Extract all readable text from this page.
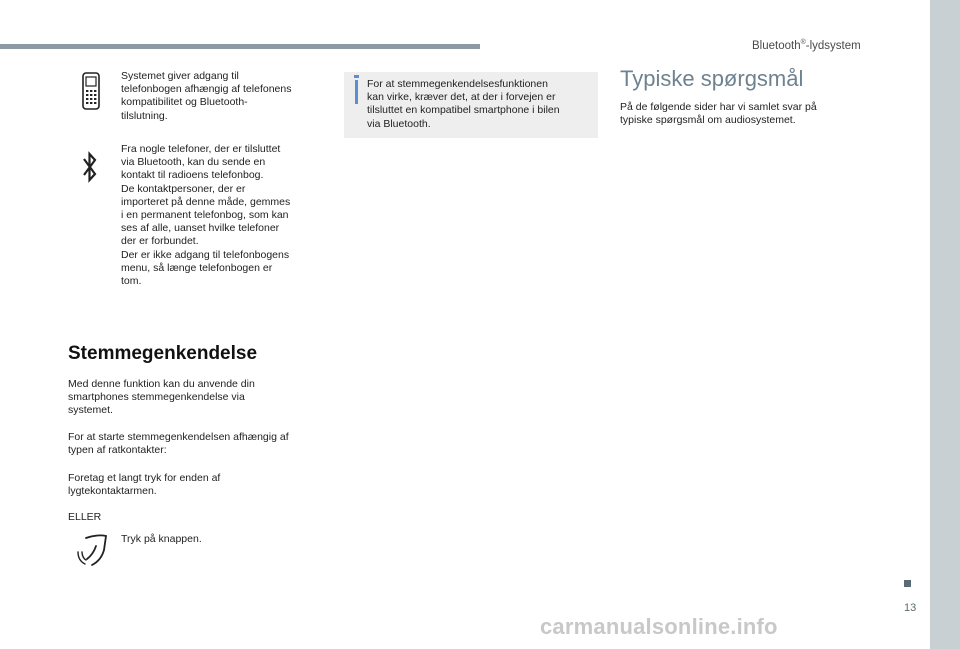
Bluetooth®-lydsystem
Systemet giver adgang til
telefonbogen afhængig af telefonens
kompatibilitet og Bluetooth-
tilslutning.
Fra nogle telefoner, der er tilsluttet
via Bluetooth, kan du sende en
kontakt til radioens telefonbog.
De kontaktpersoner, der er
importeret på denne måde, gemmes
i en permanent telefonbog, som kan
ses af alle, uanset hvilke telefoner
der er forbundet.
Der er ikke adgang til telefonbogens
menu, så længe telefonbogen er
tom.
Stemmegenkendelse
Med denne funktion kan du anvende din
smartphones stemmegenkendelse via
systemet.
For at starte stemmegenkendelsen afhængig af
typen af ratkontakter:
Foretag et langt tryk for enden af
lygtekontaktarmen.
ELLER
Tryk på knappen.
For at stemmegenkendelsesfunktionen
kan virke, kræver det, at der i forvejen er
tilsluttet en kompatibel smartphone i bilen
via Bluetooth.
Typiske spørgsmål
På de følgende sider har vi samlet svar på
typiske spørgsmål om audiosystemet.
13
carmanualsonline.info
